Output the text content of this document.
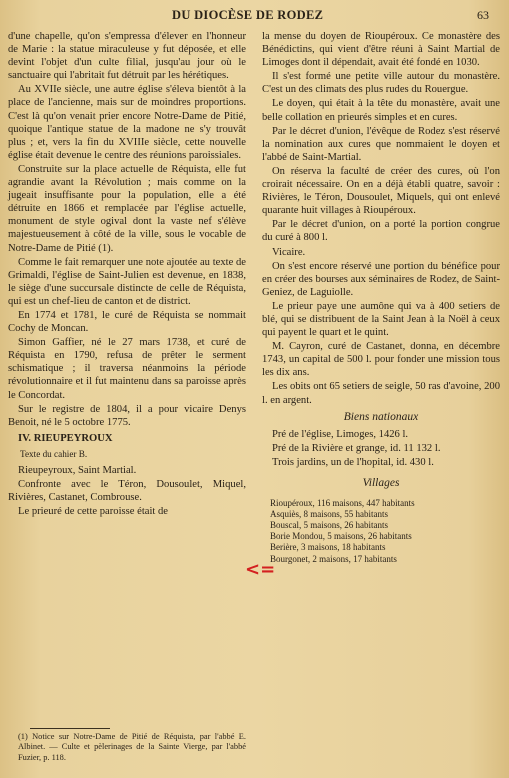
DU DIOCÈSE DE RODEZ	63

d'une chapelle, qu'on s'empressa d'élever en l'honneur de Marie : la statue miraculeuse y fut déposée, et elle devint l'objet d'un culte filial, jusqu'au jour où le sanctuaire qui l'abritait fut détruit par les hérétiques.

Au XVIIe siècle, une autre église s'éleva bientôt à la place de l'ancienne, mais sur de moindres proportions. C'est là qu'on venait prier encore Notre-Dame de Pitié, quoique l'antique statue de la madone ne s'y trouvât plus ; et, vers la fin du XVIIIe siècle, cette nouvelle église était devenue le centre des réunions paroissiales.

Construite sur la place actuelle de Réquista, elle fut agrandie avant la Révolution ; mais comme on la jugeait insuffisante pour la population, elle a été détruite en 1866 et remplacée par l'église actuelle, monument de style ogival dont la vaste nef s'élève majestueusement à côté de la ville, sous le vocable de Notre-Dame de Pitié (1).

Comme le fait remarquer une note ajoutée au texte de Grimaldi, l'église de Saint-Julien est devenue, en 1838, le siège d'une succursale distincte de celle de Réquista, qui est un chef-lieu de canton et de district.

En 1774 et 1781, le curé de Réquista se nommait Cochy de Moncan.

Simon Gaffier, né le 27 mars 1738, et curé de Réquista en 1790, refusa de prêter le serment schismatique ; il traversa néanmoins la période révolutionnaire et il fut maintenu dans sa paroisse après le Concordat.

Sur le registre de 1804, il a pour vicaire Denys Benoit, né le 5 octobre 1775.

IV. RIEUPEYROUX

Texte du cahier B.

Rieupeyroux, Saint Martial.

Confronte avec le Téron, Dousoulet, Miquel, Rivières, Castanet, Combrouse.

Le prieuré de cette paroisse était de

<=
(1) Notice sur Notre-Dame de Pitié de Réquista, par l'abbé E. Albinet. — Culte et pèlerinages de la Sainte Vierge, par l'abbé Fuzier, p. 118.

la mense du doyen de Rioupéroux. Ce monastère des Bénédictins, qui vient d'être réuni à Saint Martial de Limoges dont il dépendait, avait été fondé en 1030.

Il s'est formé une petite ville autour du monastère. C'est un des climats des plus rudes du Rouergue.

Le doyen, qui était à la tête du monastère, avait une belle collation en prieurés simples et en cures.

Par le décret d'union, l'évêque de Rodez s'est réservé la nomination aux cures que nommaient le doyen et l'abbé de Saint-Martial.

On réserva la faculté de créer des cures, où l'on croirait nécessaire. On en a déjà établi quatre, savoir : Rivières, le Téron, Dousoulet, Miquels, qui ont enlevé quarante huit villages à Rioupéroux.

Par le décret d'union, on a porté la portion congrue du curé à 800 l.

Vicaire.

On s'est encore réservé une portion du bénéfice pour en créer des bourses aux séminaires de Rodez, de Saint-Geniez, de Laguiolle.

Le prieur paye une aumône qui va à 400 setiers de blé, qui se distribuent de la Saint Jean à la Noël à ceux qui payent le quart et le quint.

M. Cayron, curé de Castanet, donna, en décembre 1743, un capital de 500 l. pour fonder une mission tous les dix ans.

Les obits ont 65 setiers de seigle, 50 ras d'avoine, 200 l. en argent.

Biens nationaux

Pré de l'église, Limoges, 1426 l.

Pré de la Rivière et grange, id. 11 132 l.

Trois jardins, un de l'hopital, id. 430 l.

Villages
Rioupéroux, 116 maisons, 447 habitants
Asquiès, 8 maisons, 55 habitants
Bouscal, 5 maisons, 26 habitants
Borie Mondou, 5 maisons, 26 habitants
Berière, 3 maisons, 18 habitants
Bourgonet, 2 maisons, 17 habitants
